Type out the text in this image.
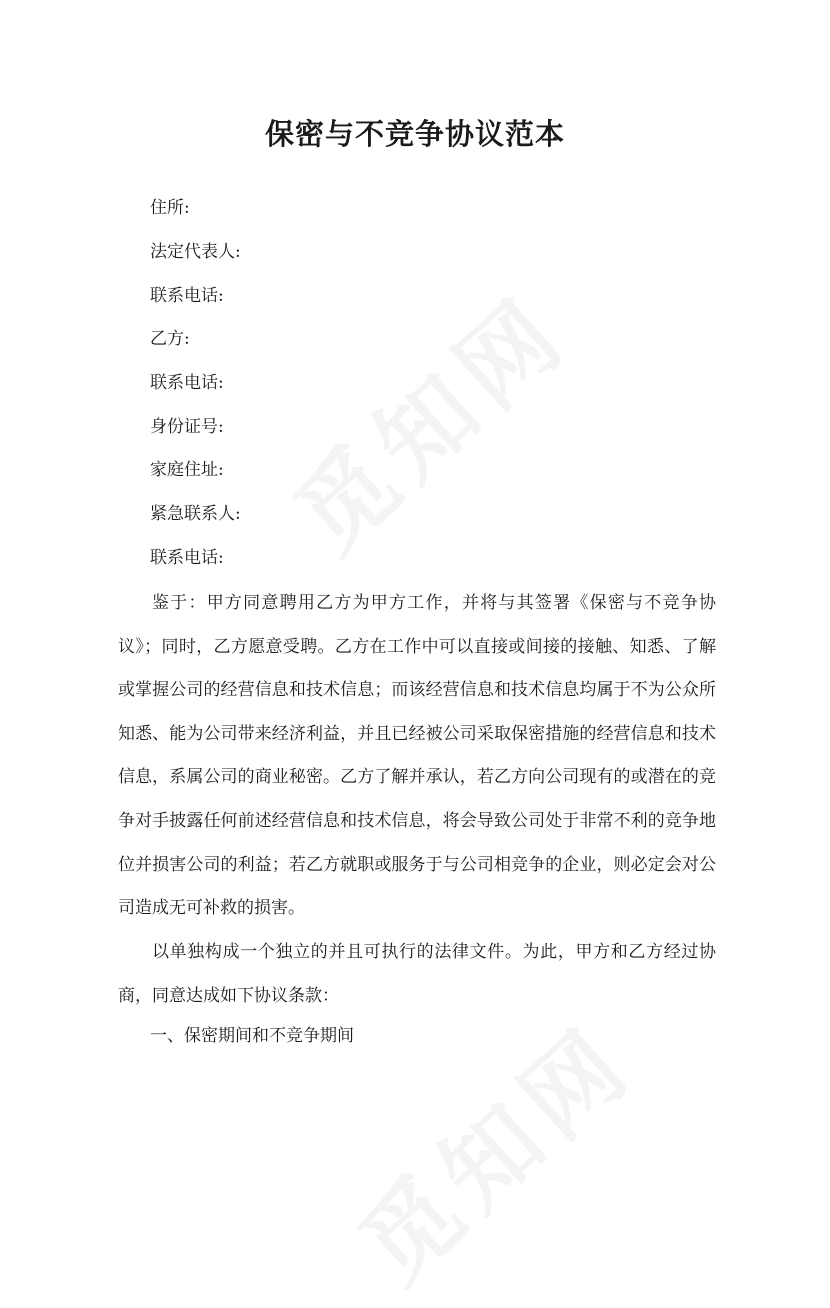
保密与不竞争协议范本

住所:

法定代表人:

联系电话:

乙方:

联系电话:

身份证号:

家庭住址:

紧急联系人:

联系电话:

鉴于：甲方同意聘用乙方为甲方工作，并将与其签署《保密与不竞争协议》；同时，乙方愿意受聘。乙方在工作中可以直接或间接的接触、知悉、了解或掌握公司的经营信息和技术信息；而该经营信息和技术信息均属于不为公众所知悉、能为公司带来经济利益，并且已经被公司采取保密措施的经营信息和技术信息，系属公司的商业秘密。乙方了解并承认，若乙方向公司现有的或潜在的竞争对手披露任何前述经营信息和技术信息，将会导致公司处于非常不利的竞争地位并损害公司的利益；若乙方就职或服务于与公司相竞争的企业，则必定会对公司造成无可补救的损害。

以单独构成一个独立的并且可执行的法律文件。为此，甲方和乙方经过协商，同意达成如下协议条款：

一、保密期间和不竞争期间
